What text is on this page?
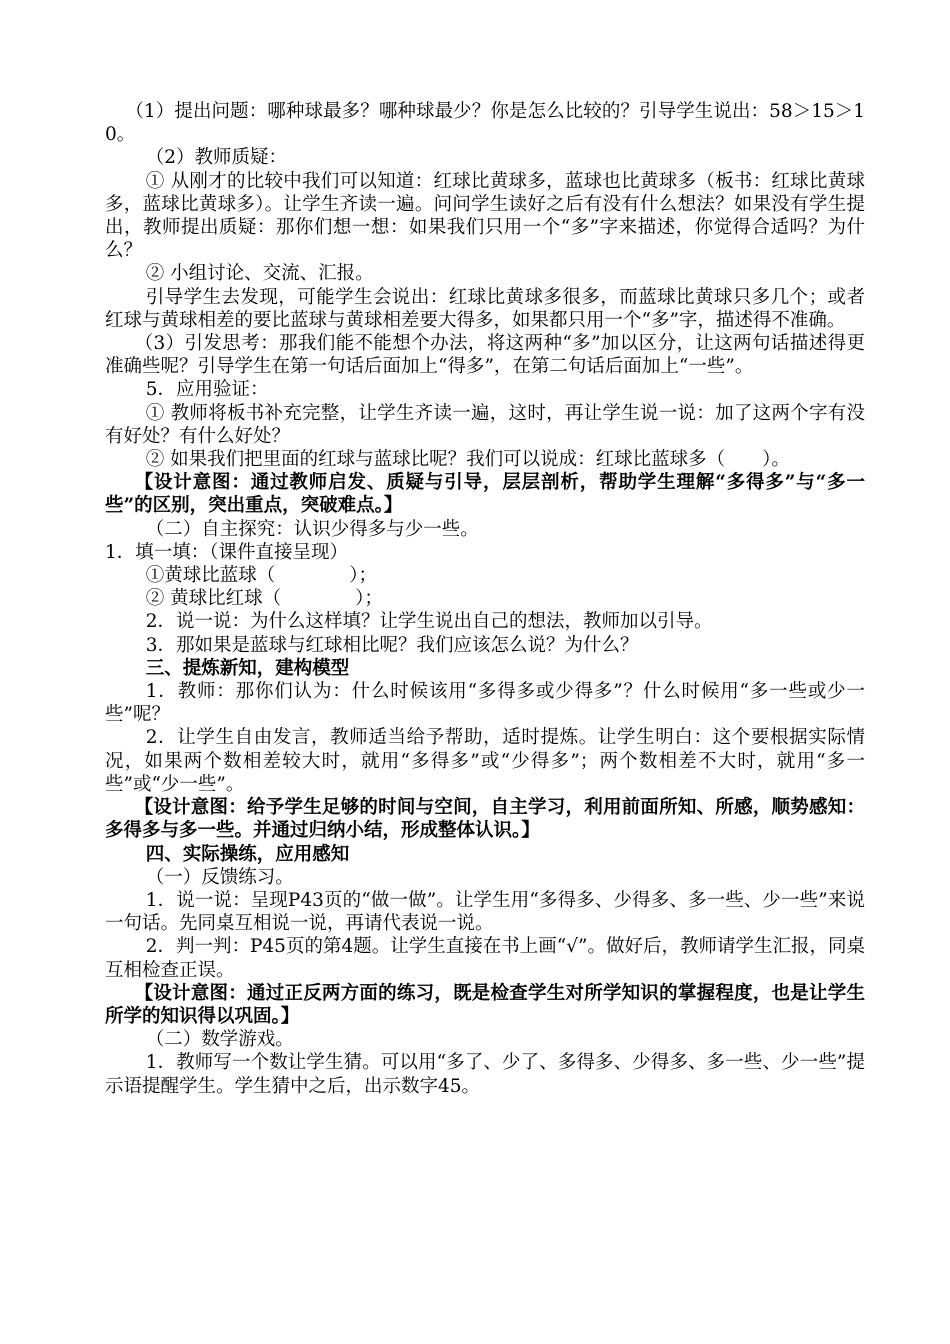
（1）提出问题：哪种球最多？哪种球最少？你是怎么比较的？引导学生说出：58＞15＞10。

（2）教师质疑：

① 从刚才的比较中我们可以知道：红球比黄球多，蓝球也比黄球多（板书：红球比黄球多，蓝球比黄球多）。让学生齐读一遍。问问学生读好之后有没有什么想法？如果没有学生提出，教师提出质疑：那你们想一想：如果我们只用一个“多”字来描述，你觉得合适吗？为什么？

② 小组讨论、交流、汇报。

引导学生去发现，可能学生会说出：红球比黄球多很多，而蓝球比黄球只多几个；或者红球与黄球相差的要比蓝球与黄球相差要大得多，如果都只用一个“多”字，描述得不准确。

（3）引发思考：那我们能不能想个办法，将这两种“多”加以区分，让这两句话描述得更准确些呢？引导学生在第一句话后面加上“得多”，在第二句话后面加上“一些”。

5．应用验证：

① 教师将板书补充完整，让学生齐读一遍，这时，再让学生说一说：加了这两个字有没有好处？有什么好处？

② 如果我们把里面的红球与蓝球比呢？我们可以说成：红球比蓝球多（　　）。

【设计意图：通过教师启发、质疑与引导，层层剖析，帮助学生理解“多得多”与“多一些”的区别，突出重点，突破难点。】

（二）自主探究：认识少得多与少一些。

1．填一填：（课件直接呈现）

①黄球比蓝球（　　　　）；

② 黄球比红球（　　　　）；

2．说一说：为什么这样填？让学生说出自己的想法，教师加以引导。

3．那如果是蓝球与红球相比呢？我们应该怎么说？为什么？

三、提炼新知，建构模型

1．教师：那你们认为：什么时候该用“多得多或少得多”？什么时候用“多一些或少一些”呢？

2．让学生自由发言，教师适当给予帮助，适时提炼。让学生明白：这个要根据实际情况，如果两个数相差较大时，就用“多得多”或“少得多”；两个数相差不大时，就用“多一些”或“少一些”。

【设计意图：给予学生足够的时间与空间，自主学习，利用前面所知、所感，顺势感知：多得多与多一些。并通过归纳小结，形成整体认识。】

四、实际操练，应用感知

（一）反馈练习。

1．说一说：呈现P43页的“做一做”。让学生用“多得多、少得多、多一些、少一些”来说一句话。先同桌互相说一说，再请代表说一说。

2．判一判：P45页的第4题。让学生直接在书上画“√”。做好后，教师请学生汇报，同桌互相检查正误。

【设计意图：通过正反两方面的练习，既是检查学生对所学知识的掌握程度，也是让学生所学的知识得以巩固。】

（二）数学游戏。

1．教师写一个数让学生猜。可以用“多了、少了、多得多、少得多、多一些、少一些”提示语提醒学生。学生猜中之后，出示数字45。
